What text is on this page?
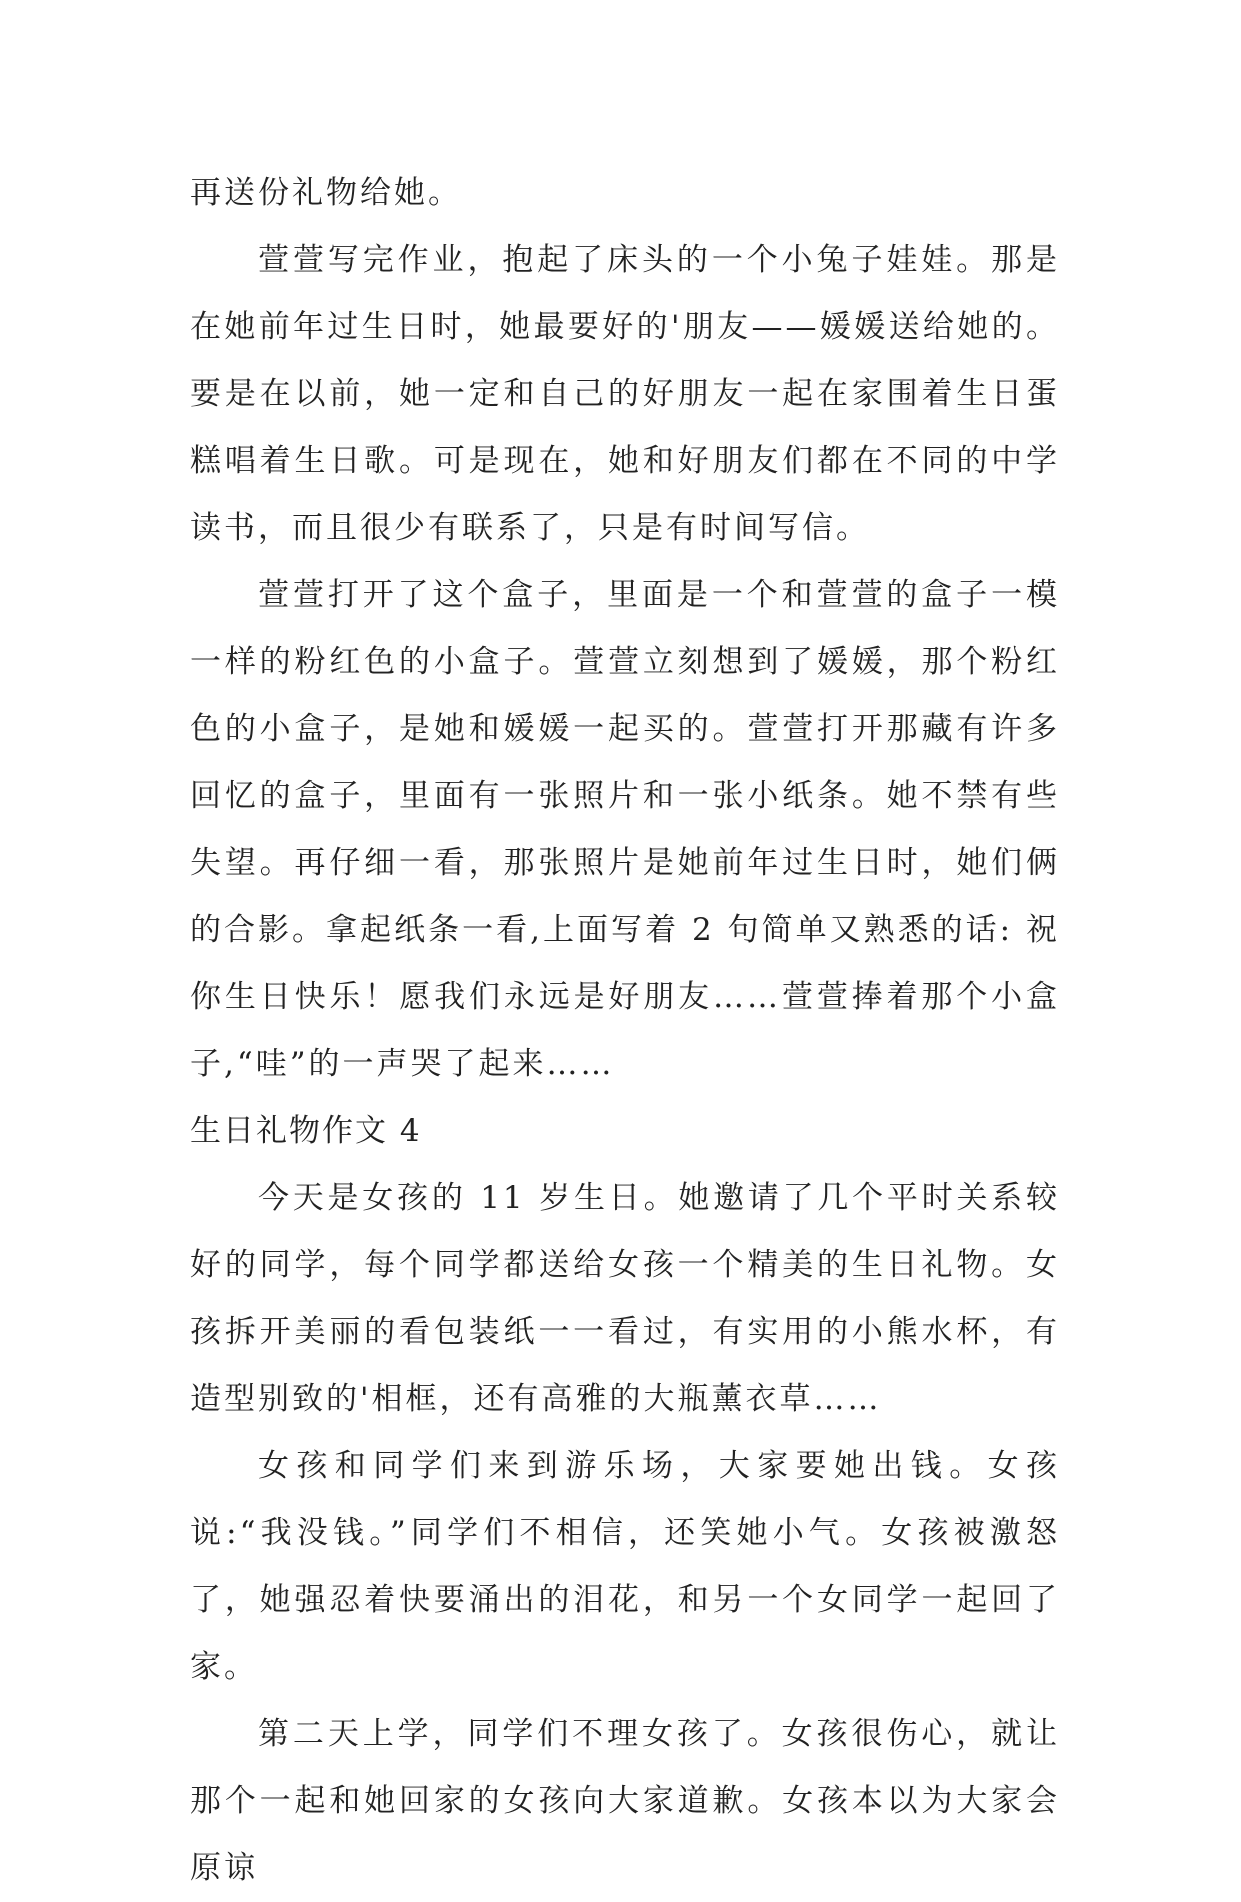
再送份礼物给她。

萱萱写完作业，抱起了床头的一个小兔子娃娃。那是在她前年过生日时，她最要好的'朋友——媛媛送给她的。要是在以前，她一定和自己的好朋友一起在家围着生日蛋糕唱着生日歌。可是现在，她和好朋友们都在不同的中学读书，而且很少有联系了，只是有时间写信。

萱萱打开了这个盒子，里面是一个和萱萱的盒子一模一样的粉红色的小盒子。萱萱立刻想到了媛媛，那个粉红色的小盒子，是她和媛媛一起买的。萱萱打开那藏有许多回忆的盒子，里面有一张照片和一张小纸条。她不禁有些失望。再仔细一看，那张照片是她前年过生日时，她们俩的合影。拿起纸条一看,上面写着 2 句简单又熟悉的话: 祝你生日快乐！愿我们永远是好朋友……萱萱捧着那个小盒子,“哇”的一声哭了起来……

生日礼物作文 4

今天是女孩的 11 岁生日。她邀请了几个平时关系较好的同学，每个同学都送给女孩一个精美的生日礼物。女孩拆开美丽的看包装纸一一看过，有实用的小熊水杯，有造型别致的'相框，还有高雅的大瓶薰衣草……

女孩和同学们来到游乐场，大家要她出钱。女孩说:“我没钱。”同学们不相信，还笑她小气。女孩被激怒了，她强忍着快要涌出的泪花，和另一个女同学一起回了家。

第二天上学，同学们不理女孩了。女孩很伤心，就让那个一起和她回家的女孩向大家道歉。女孩本以为大家会原谅
